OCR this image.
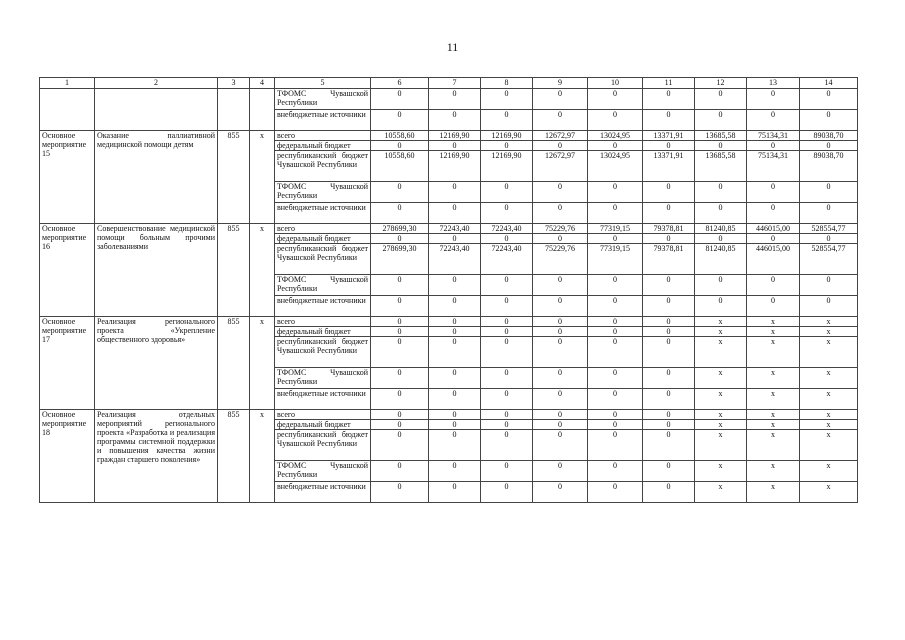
11
1	2	3	4	5	6	7	8	9	10	11	12	13	14
				ТФОМС Чувашской Республики	0	0	0	0	0	0	0	0	0
				внебюджетные источники	0	0	0	0	0	0	0	0	0
Основное мероприятие 15	Оказание паллиативной медицинской помощи детям	855	x	всего	10558,60	12169,90	12169,90	12672,97	13024,95	13371,91	13685,58	75134,31	89038,70
				федеральный бюджет	0	0	0	0	0	0	0	0	0
				республиканский бюджет Чувашской Республики	10558,60	12169,90	12169,90	12672,97	13024,95	13371,91	13685,58	75134,31	89038,70
				ТФОМС Чувашской Республики	0	0	0	0	0	0	0	0	0
				внебюджетные источники	0	0	0	0	0	0	0	0	0
Основное мероприятие 16	Совершенствование медицинской помощи больным прочими заболеваниями	855	x	всего	278699,30	72243,40	72243,40	75229,76	77319,15	79378,81	81240,85	446015,00	528554,77
				федеральный бюджет	0	0	0	0	0	0	0	0	0
				республиканский бюджет Чувашской Республики	278699,30	72243,40	72243,40	75229,76	77319,15	79378,81	81240,85	446015,00	528554,77
				ТФОМС Чувашской Республики	0	0	0	0	0	0	0	0	0
				внебюджетные источники	0	0	0	0	0	0	0	0	0
Основное мероприятие 17	Реализация регионального проекта «Укрепление общественного здоровья»	855	x	всего	0	0	0	0	0	0	x	x	x
				федеральный бюджет	0	0	0	0	0	0	x	x	x
				республиканский бюджет Чувашской Республики	0	0	0	0	0	0	x	x	x
				ТФОМС Чувашской Республики	0	0	0	0	0	0	x	x	x
				внебюджетные источники	0	0	0	0	0	0	x	x	x
Основное мероприятие 18	Реализация отдельных мероприятий регионального проекта «Разработка и реализация программы системной поддержки и повышения качества жизни граждан старшего поколения»	855	x	всего	0	0	0	0	0	0	x	x	x
				федеральный бюджет	0	0	0	0	0	0	x	x	x
				республиканский бюджет Чувашской Республики	0	0	0	0	0	0	x	x	x
				ТФОМС Чувашской Республики	0	0	0	0	0	0	x	x	x
				внебюджетные источники	0	0	0	0	0	0	x	x	x
